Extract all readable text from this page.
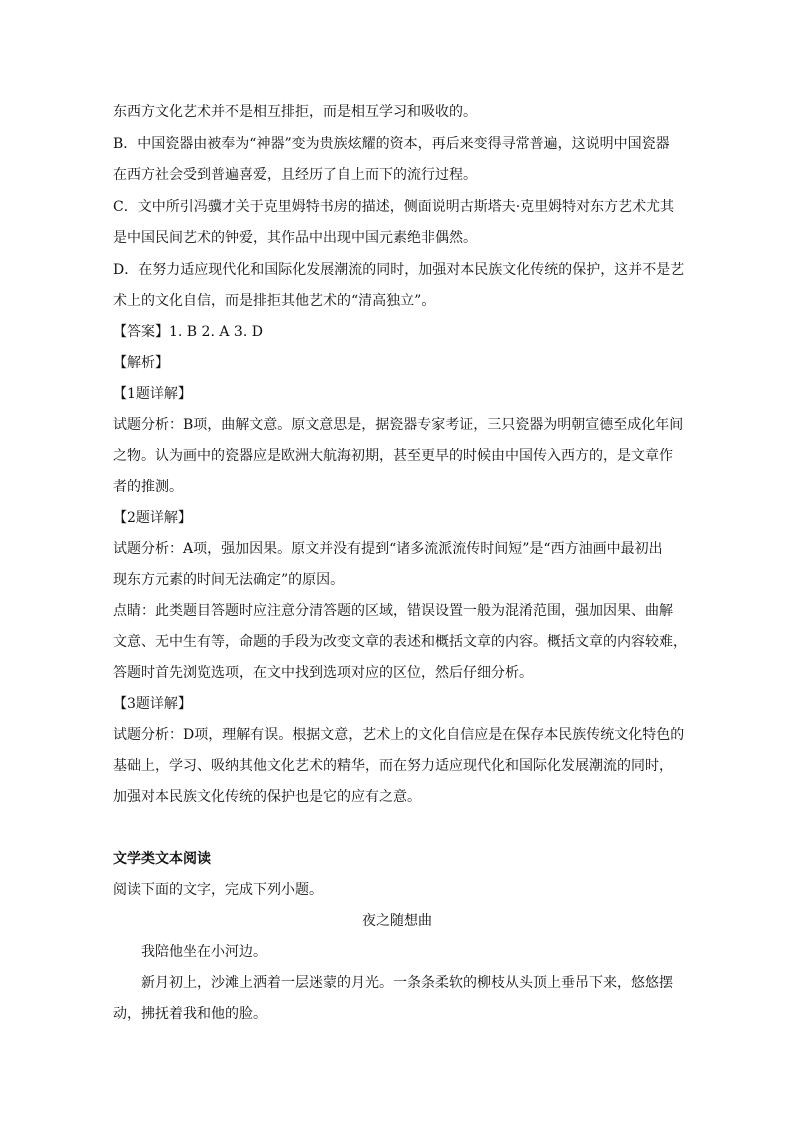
东西方文化艺术并不是相互排拒，而是相互学习和吸收的。
B．中国瓷器由被奉为“神器”变为贵族炫耀的资本，再后来变得寻常普遍，这说明中国瓷器
在西方社会受到普遍喜爱，且经历了自上而下的流行过程。
C．文中所引冯骥才关于克里姆特书房的描述，侧面说明古斯塔夫·克里姆特对东方艺术尤其
是中国民间艺术的钟爱，其作品中出现中国元素绝非偶然。
D．在努力适应现代化和国际化发展潮流的同时，加强对本民族文化传统的保护，这并不是艺
术上的文化自信，而是排拒其他艺术的“清高独立”。
【答案】1. B 2. A 3. D
【解析】
【1题详解】
试题分析：B项，曲解文意。原文意思是，据瓷器专家考证，三只瓷器为明朝宣德至成化年间
之物。认为画中的瓷器应是欧洲大航海初期，甚至更早的时候由中国传入西方的，是文章作
者的推测。
【2题详解】
试题分析：A项，强加因果。原文并没有提到“诸多流派流传时间短”是“西方油画中最初出
现东方元素的时间无法确定”的原因。
点睛：此类题目答题时应注意分清答题的区域，错误设置一般为混淆范围，强加因果、曲解
文意、无中生有等，命题的手段为改变文章的表述和概括文章的内容。概括文章的内容较难，
答题时首先浏览选项，在文中找到选项对应的区位，然后仔细分析。
【3题详解】
试题分析：D项，理解有误。根据文意，艺术上的文化自信应是在保存本民族传统文化特色的
基础上，学习、吸纳其他文化艺术的精华，而在努力适应现代化和国际化发展潮流的同时，
加强对本民族文化传统的保护也是它的应有之意。
文学类文本阅读
阅读下面的文字，完成下列小题。
夜之随想曲
我陪他坐在小河边。
新月初上，沙滩上洒着一层迷蒙的月光。一条条柔软的柳枝从头顶上垂吊下来，悠悠摆
动，拂抚着我和他的脸。
